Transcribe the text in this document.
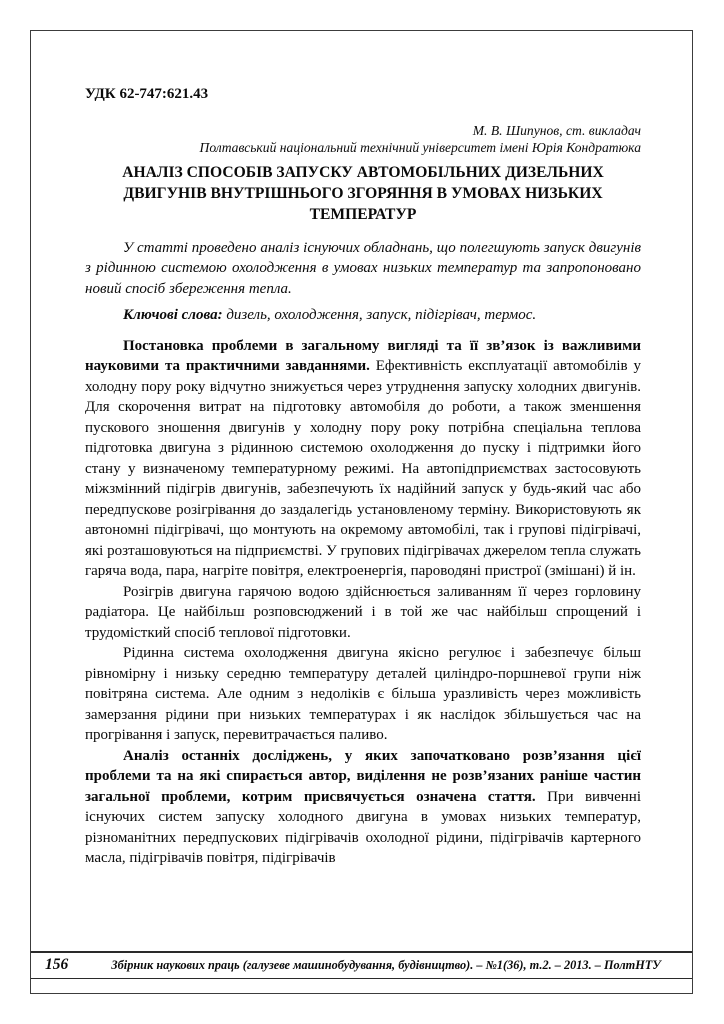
УДК 62-747:621.43

М. В. Шипунов, ст. викладач
Полтавський національний технічний університет імені Юрія Кондратюка

АНАЛІЗ СПОСОБІВ ЗАПУСКУ АВТОМОБІЛЬНИХ ДИЗЕЛЬНИХ ДВИГУНІВ ВНУТРІШНЬОГО ЗГОРЯННЯ В УМОВАХ НИЗЬКИХ ТЕМПЕРАТУР

У статті проведено аналіз існуючих обладнань, що полегшують запуск двигунів з рідинною системою охолодження в умовах низьких температур та запропоновано новий спосіб збереження тепла.

Ключові слова: дизель, охолодження, запуск, підігрівач, термос.

Постановка проблеми в загальному вигляді та її зв’язок із важливими науковими та практичними завданнями. Ефективність експлуатації автомобілів у холодну пору року відчутно знижується через утруднення запуску холодних двигунів. Для скорочення витрат на підготовку автомобіля до роботи, а також зменшення пускового зношення двигунів у холодну пору року потрібна спеціальна теплова підготовка двигуна з рідинною системою охолодження до пуску і підтримки його стану у визначеному температурному режимі. На автопідприємствах застосовують міжзмінний підігрів двигунів, забезпечують їх надійний запуск у будь-який час або передпускове розігрівання до заздалегідь установленому терміну. Використовують як автономні підігрівачі, що монтують на окремому автомобілі, так і групові підігрівачі, які розташовуються на підприємстві. У групових підігрівачах джерелом тепла служать гаряча вода, пара, нагріте повітря, електроенергія, пароводяні пристрої (змішані) й ін.

Розігрів двигуна гарячою водою здійснюється заливанням її через горловину радіатора. Це найбільш розповсюджений і в той же час найбільш спрощений і трудомісткий спосіб теплової підготовки.

Рідинна система охолодження двигуна якісно регулює і забезпечує більш рівномірну і низьку середню температуру деталей циліндро-поршневої групи ніж повітряна система. Але одним з недоліків є більша уразливість через можливість замерзання рідини при низьких температурах і як наслідок збільшується час на прогрівання і запуск, перевитрачається паливо.

Аналіз останніх досліджень, у яких започатковано розв’язання цієї проблеми та на які спирається автор, виділення не розв’язаних раніше частин загальної проблеми, котрим присвячується означена стаття. При вивченні існуючих систем запуску холодного двигуна в умовах низьких температур, різноманітних передпускових підігрівачів охолодної рідини, підігрівачів картерного масла, підігрівачів повітря, підігрівачів

156	Збірник наукових праць (галузеве машинобудування, будівництво). – №1(36), т.2. – 2013. – ПолтНТУ
